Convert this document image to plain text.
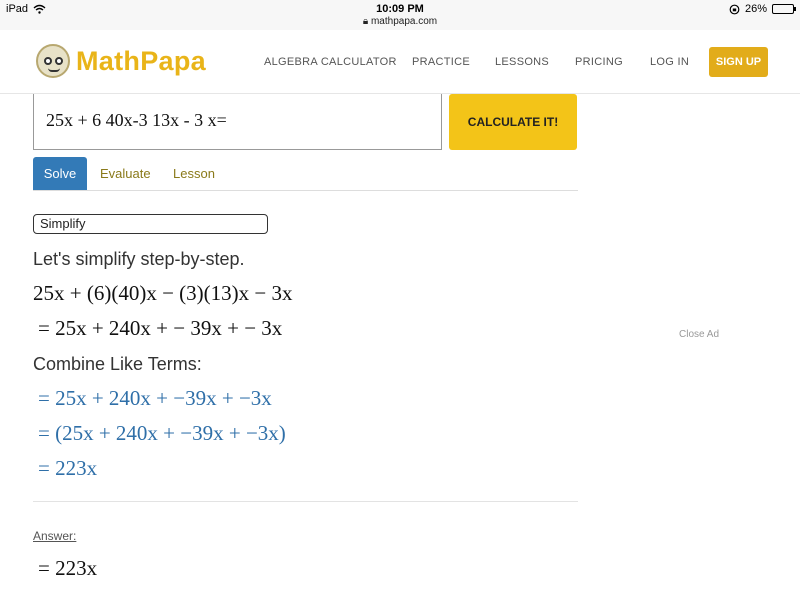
iPad	10:09 PM
🔒︎ mathpapa.com
26%
MathPapa	ALGEBRA CALCULATOR PRACTICE LESSONS PRICING LOG IN	SIGN UP
25x + 6 40x-3 13x - 3 x=	CALCULATE IT!
Solve	Evaluate Lesson
Close Ad
Simplify
Let's simplify step-by-step.
25x + (6)(40)x − (3)(13)x − 3x
= 25x + 240x + − 39x + − 3x
Combine Like Terms:
= 25x + 240x + −39x + −3x
= (25x + 240x + −39x + −3x)
= 223x
Answer:
= 223x
